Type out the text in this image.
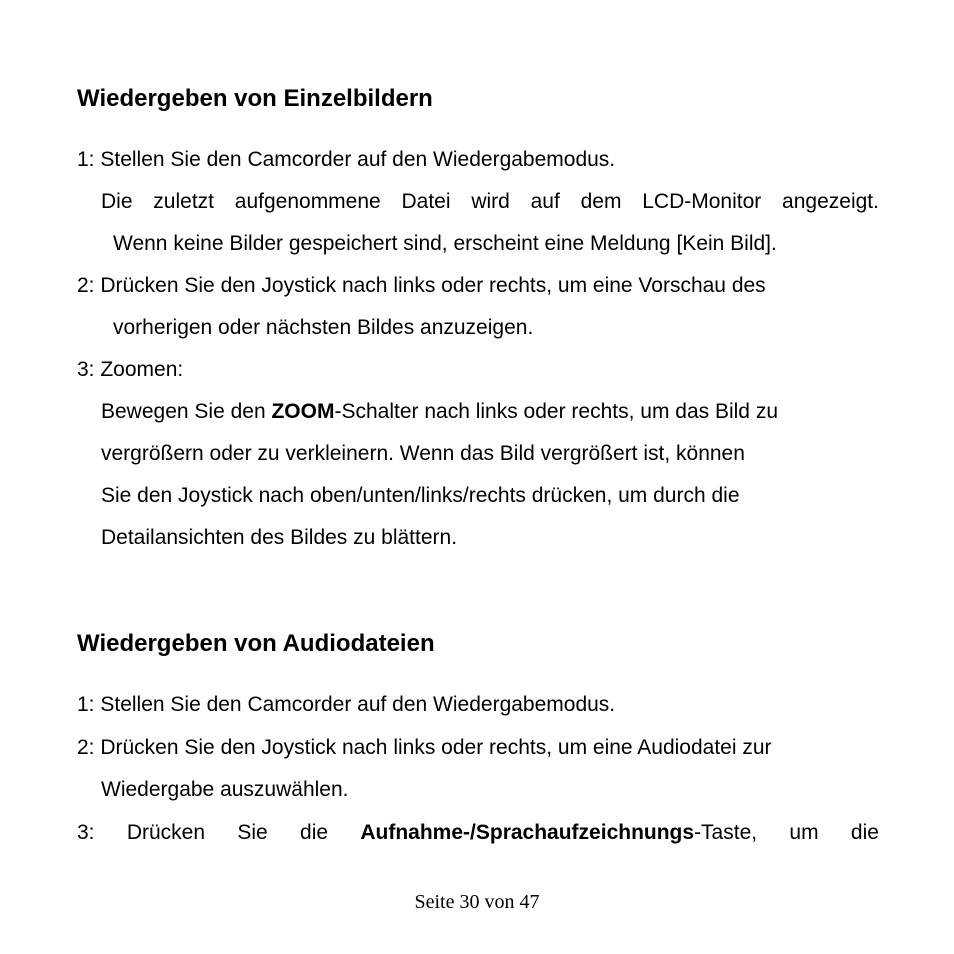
Wiedergeben von Einzelbildern
1: Stellen Sie den Camcorder auf den Wiedergabemodus.
Die zuletzt aufgenommene Datei wird auf dem LCD-Monitor angezeigt.
Wenn keine Bilder gespeichert sind, erscheint eine Meldung [Kein Bild].
2: Drücken Sie den Joystick nach links oder rechts, um eine Vorschau des
vorherigen oder nächsten Bildes anzuzeigen.
3: Zoomen:
Bewegen Sie den ZOOM-Schalter nach links oder rechts, um das Bild zu
vergrößern oder zu verkleinern. Wenn das Bild vergrößert ist, können
Sie den Joystick nach oben/unten/links/rechts drücken, um durch die
Detailansichten des Bildes zu blättern.
Wiedergeben von Audiodateien
1: Stellen Sie den Camcorder auf den Wiedergabemodus.
2: Drücken Sie den Joystick nach links oder rechts, um eine Audiodatei zur
Wiedergabe auszuwählen.
3: Drücken Sie die Aufnahme-/Sprachaufzeichnungs-Taste, um die
Seite 30 von 47
